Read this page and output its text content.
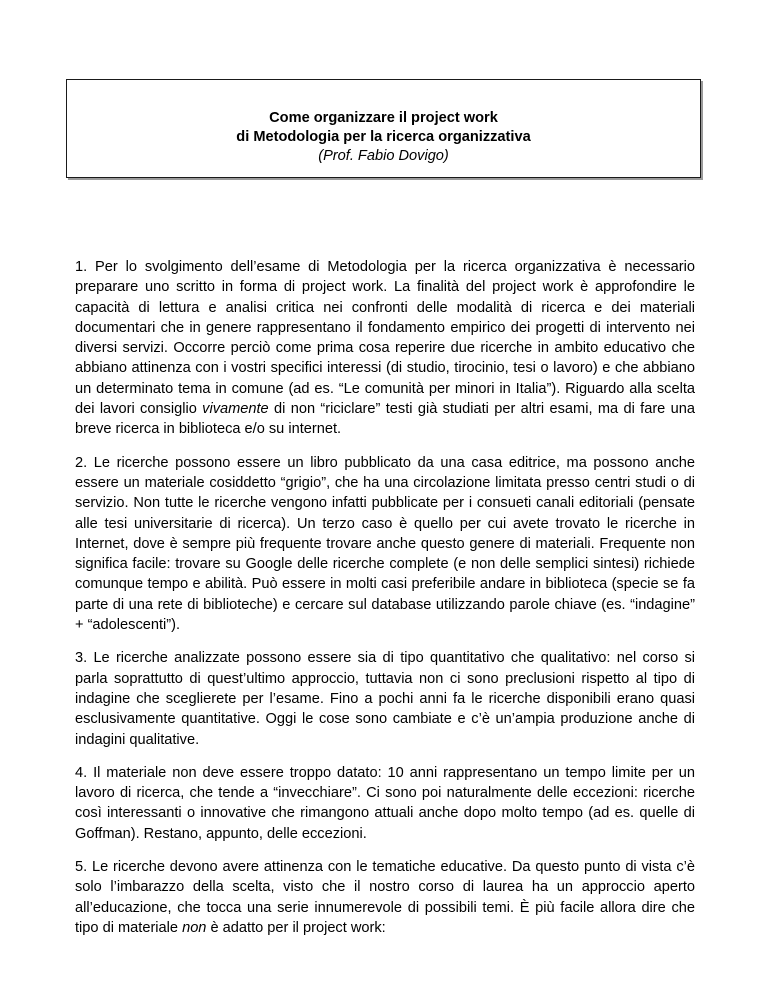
Come organizzare il project work
di Metodologia per la ricerca organizzativa
(Prof. Fabio Dovigo)

1. Per lo svolgimento dell’esame di Metodologia per la ricerca organizzativa è necessario preparare uno scritto in forma di project work. La finalità del project work è approfondire le capacità di lettura e analisi critica nei confronti delle modalità di ricerca e dei materiali documentari che in genere rappresentano il fondamento empirico dei progetti di intervento nei diversi servizi. Occorre perciò come prima cosa reperire due ricerche in ambito educativo che abbiano attinenza con i vostri specifici interessi (di studio, tirocinio, tesi o lavoro) e che abbiano un determinato tema in comune (ad es. “Le comunità per minori in Italia”). Riguardo alla scelta dei lavori consiglio vivamente di non “riciclare” testi già studiati per altri esami, ma di fare una breve ricerca in biblioteca e/o su internet.

2. Le ricerche possono essere un libro pubblicato da una casa editrice, ma possono anche essere un materiale cosiddetto “grigio”, che ha una circolazione limitata presso centri studi o di servizio. Non tutte le ricerche vengono infatti pubblicate per i consueti canali editoriali (pensate alle tesi universitarie di ricerca). Un terzo caso è quello per cui avete trovato le ricerche in Internet, dove è sempre più frequente trovare anche questo genere di materiali. Frequente non significa facile: trovare su Google delle ricerche complete (e non delle semplici sintesi) richiede comunque tempo e abilità. Può essere in molti casi preferibile andare in biblioteca (specie se fa parte di una rete di biblioteche) e cercare sul database utilizzando parole chiave (es. “indagine” + “adolescenti”).

3. Le ricerche analizzate possono essere sia di tipo quantitativo che qualitativo: nel corso si parla soprattutto di quest’ultimo approccio, tuttavia non ci sono preclusioni rispetto al tipo di indagine che sceglierete per l’esame. Fino a pochi anni fa le ricerche disponibili erano quasi esclusivamente quantitative. Oggi le cose sono cambiate e c’è un’ampia produzione anche di indagini qualitative.

4. Il materiale non deve essere troppo datato: 10 anni rappresentano un tempo limite per un lavoro di ricerca, che tende a “invecchiare”. Ci sono poi naturalmente delle eccezioni: ricerche così interessanti o innovative che rimangono attuali anche dopo molto tempo (ad es. quelle di Goffman). Restano, appunto, delle eccezioni.

5. Le ricerche devono avere attinenza con le tematiche educative. Da questo punto di vista c’è solo l’imbarazzo della scelta, visto che il nostro corso di laurea ha un approccio aperto all’educazione, che tocca una serie innumerevole di possibili temi. È più facile allora dire che tipo di materiale non è adatto per il project work:
